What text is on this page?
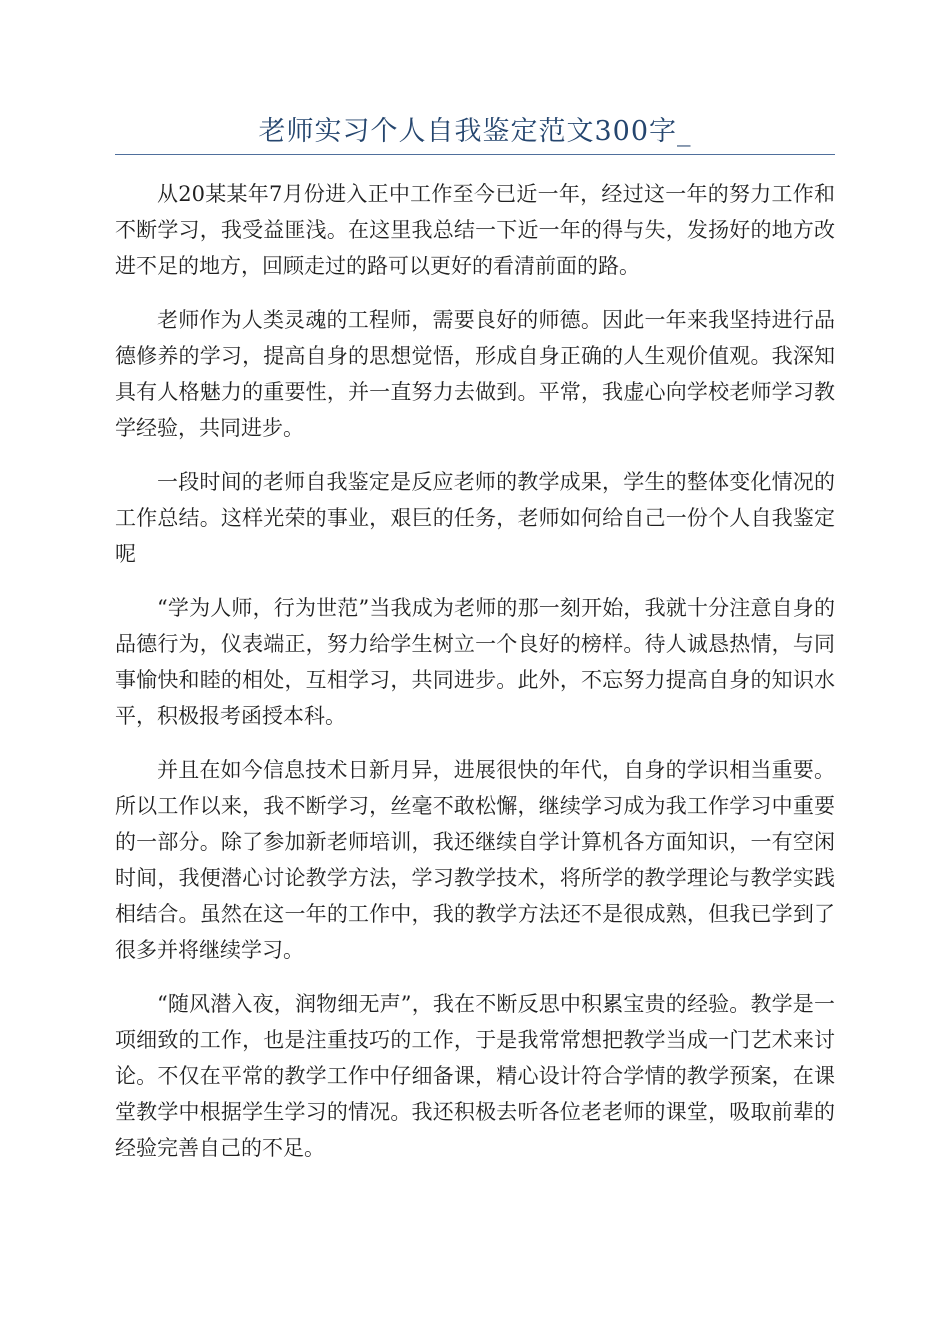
老师实习个人自我鉴定范文300字_

从20某某年7月份进入正中工作至今已近一年，经过这一年的努力工作和不断学习，我受益匪浅。在这里我总结一下近一年的得与失，发扬好的地方改进不足的地方，回顾走过的路可以更好的看清前面的路。

老师作为人类灵魂的工程师，需要良好的师德。因此一年来我坚持进行品德修养的学习，提高自身的思想觉悟，形成自身正确的人生观价值观。我深知具有人格魅力的重要性，并一直努力去做到。平常，我虚心向学校老师学习教学经验，共同进步。

一段时间的老师自我鉴定是反应老师的教学成果，学生的整体变化情况的工作总结。这样光荣的事业，艰巨的任务，老师如何给自己一份个人自我鉴定呢

“学为人师，行为世范”当我成为老师的那一刻开始，我就十分注意自身的品德行为，仪表端正，努力给学生树立一个良好的榜样。待人诚恳热情，与同事愉快和睦的相处，互相学习，共同进步。此外，不忘努力提高自身的知识水平，积极报考函授本科。

并且在如今信息技术日新月异，进展很快的年代，自身的学识相当重要。所以工作以来，我不断学习，丝毫不敢松懈，继续学习成为我工作学习中重要的一部分。除了参加新老师培训，我还继续自学计算机各方面知识，一有空闲时间，我便潜心讨论教学方法，学习教学技术，将所学的教学理论与教学实践相结合。虽然在这一年的工作中，我的教学方法还不是很成熟，但我已学到了很多并将继续学习。

“随风潜入夜，润物细无声”，我在不断反思中积累宝贵的经验。教学是一项细致的工作，也是注重技巧的工作，于是我常常想把教学当成一门艺术来讨论。不仅在平常的教学工作中仔细备课，精心设计符合学情的教学预案，在课堂教学中根据学生学习的情况。我还积极去听各位老老师的课堂，吸取前辈的经验完善自己的不足。
